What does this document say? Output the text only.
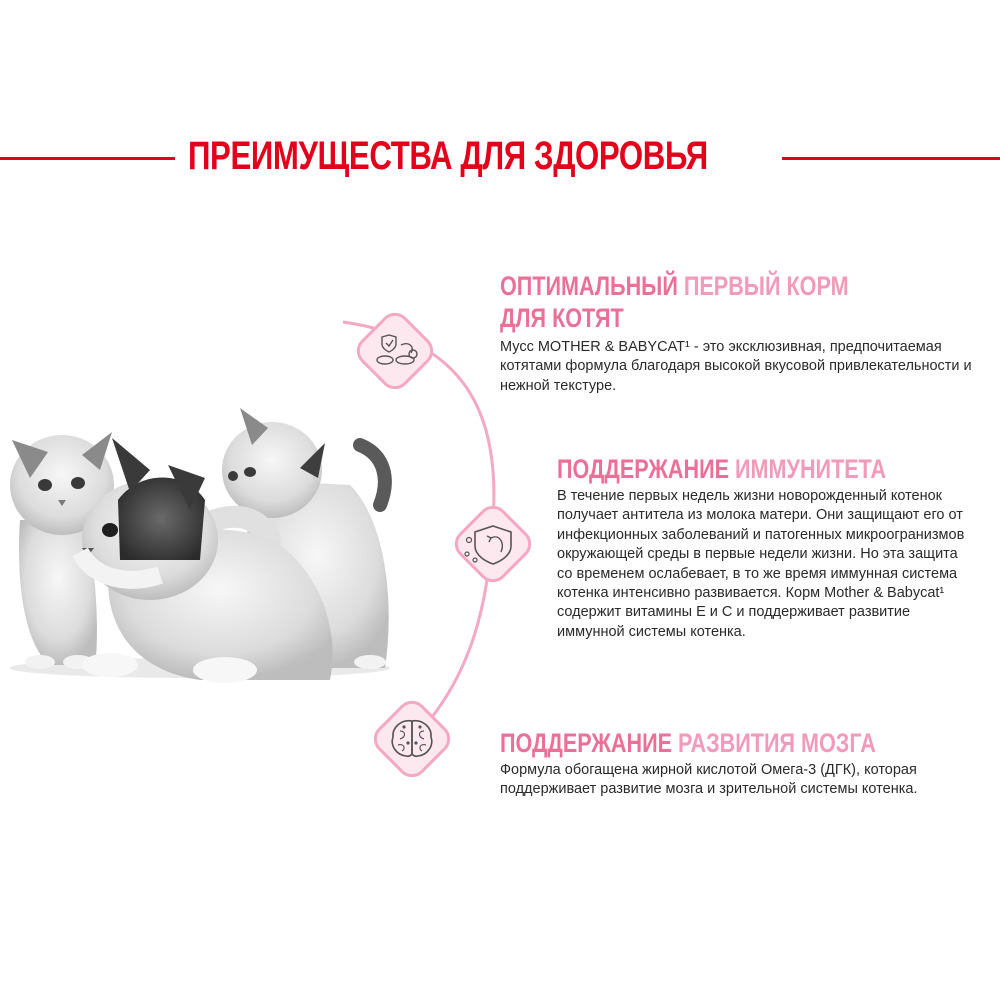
ПРЕИМУЩЕСТВА ДЛЯ ЗДОРОВЬЯ
ОПТИМАЛЬНЫЙ ПЕРВЫЙ КОРМ
ДЛЯ КОТЯТ

Мусс MOTHER & BABYCAT¹ - это эксклюзивная, предпочитаемая котятами формула благодаря высокой вкусовой привлекательности и нежной текстуре.

ПОДДЕРЖАНИЕ ИММУНИТЕТА

В течение первых недель жизни новорожденный котенок получает антитела из молока матери. Они защищают его от инфекционных заболеваний и патогенных микроогранизмов окружающей среды в первые недели жизни. Но эта защита со временем ослабевает, в то же время иммунная система котенка интенсивно развивается. Корм Mother & Babycat¹ содержит витамины Е и С и поддерживает развитие иммунной системы котенка.

ПОДДЕРЖАНИЕ РАЗВИТИЯ МОЗГА

Формула обогащена жирной кислотой Омега-3 (ДГК), которая поддерживает развитие мозга и зрительной системы котенка.
